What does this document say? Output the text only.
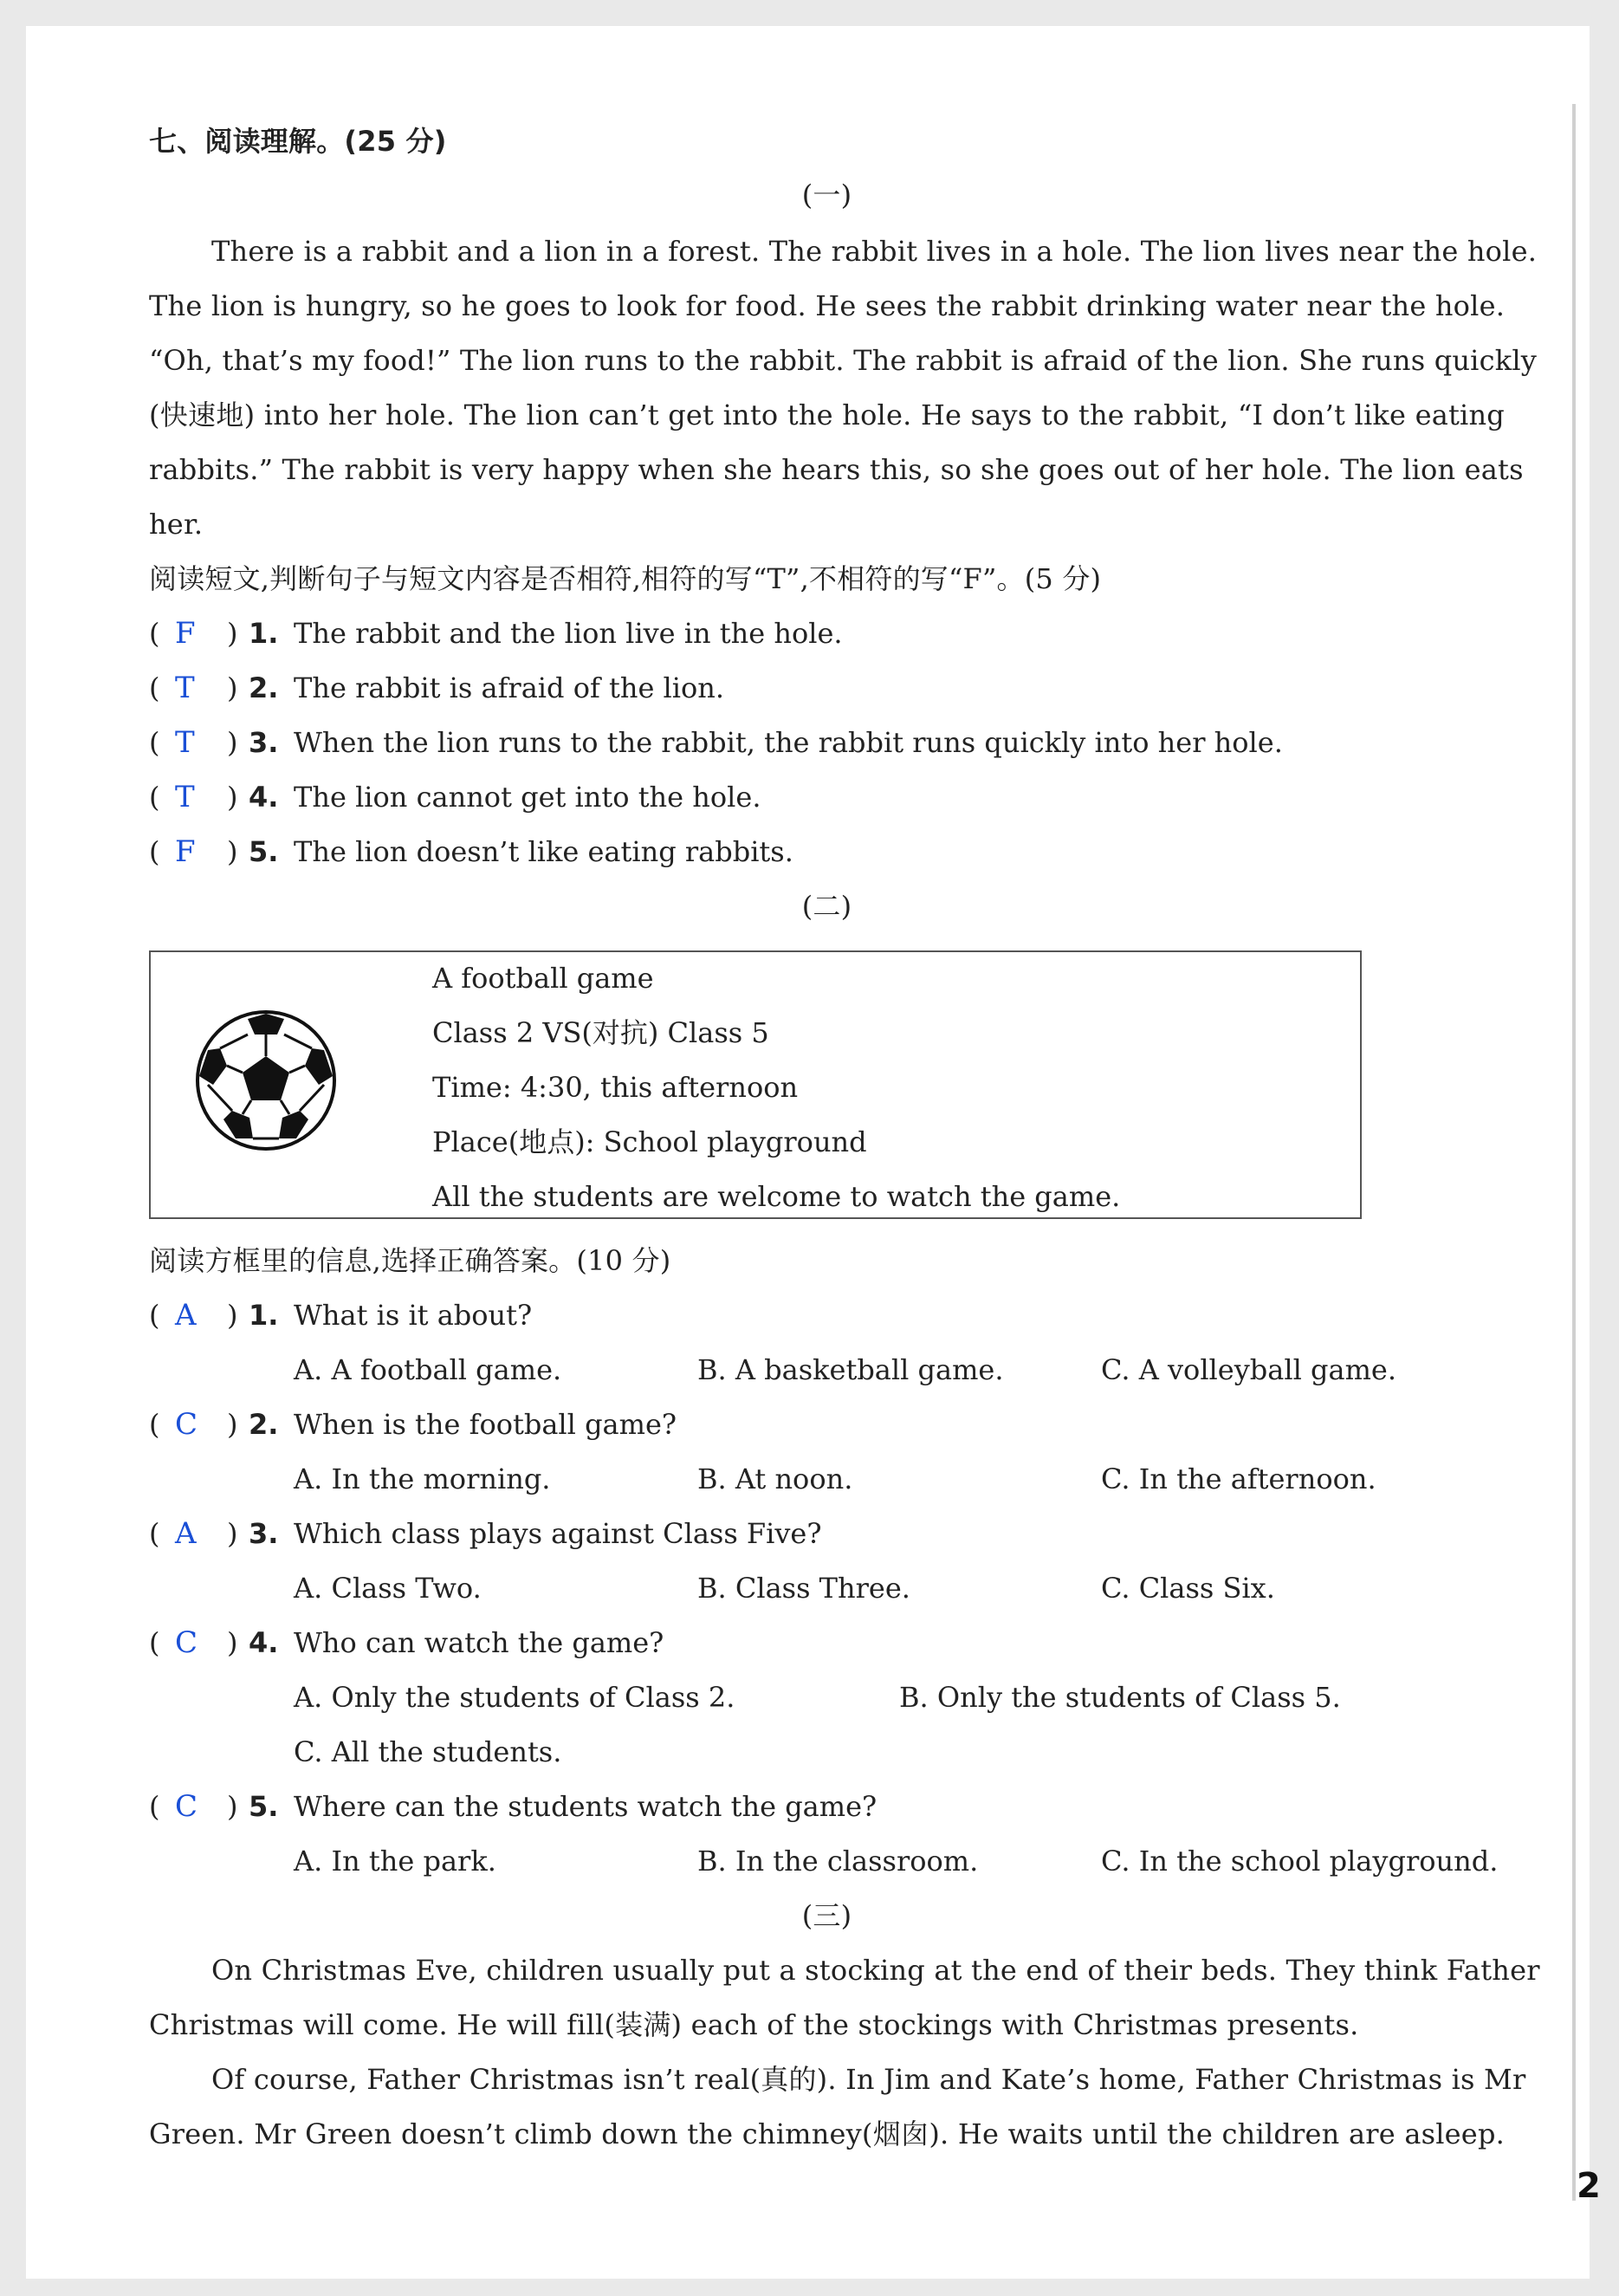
2
七、阅读理解。(25 分)
(一)
There is a rabbit and a lion in a forest. The rabbit lives in a hole. The lion lives near the hole.
The lion is hungry, so he goes to look for food. He sees the rabbit drinking water near the hole.
“Oh, that’s my food!” The lion runs to the rabbit. The rabbit is afraid of the lion. She runs quickly
(快速地) into her hole. The lion can’t get into the hole. He says to the rabbit, “I don’t like eating
rabbits.” The rabbit is very happy when she hears this, so she goes out of her hole. The lion eats
her.
阅读短文,判断句子与短文内容是否相符,相符的写“T”,不相符的写“F”。(5 分)
( F ) 1. The rabbit and the lion live in the hole.
( T ) 2. The rabbit is afraid of the lion.
( T ) 3. When the lion runs to the rabbit, the rabbit runs quickly into her hole.
( T ) 4. The lion cannot get into the hole.
( F ) 5. The lion doesn’t like eating rabbits.
(二)
A football game
Class 2 VS(对抗) Class 5
Time: 4:30, this afternoon
Place(地点): School playground
All the students are welcome to watch the game.
阅读方框里的信息,选择正确答案。(10 分)
( A ) 1. What is it about?
A. A football game.	B. A basketball game.	C. A volleyball game.
( C ) 2. When is the football game?
A. In the morning.	B. At noon.	C. In the afternoon.
( A ) 3. Which class plays against Class Five?
A. Class Two.	B. Class Three.	C. Class Six.
( C ) 4. Who can watch the game?
A. Only the students of Class 2.	B. Only the students of Class 5.
C. All the students.
( C ) 5. Where can the students watch the game?
A. In the park.	B. In the classroom.	C. In the school playground.
(三)
On Christmas Eve, children usually put a stocking at the end of their beds. They think Father
Christmas will come. He will fill(装满) each of the stockings with Christmas presents.
Of course, Father Christmas isn’t real(真的). In Jim and Kate’s home, Father Christmas is Mr
Green. Mr Green doesn’t climb down the chimney(烟囱). He waits until the children are asleep.
